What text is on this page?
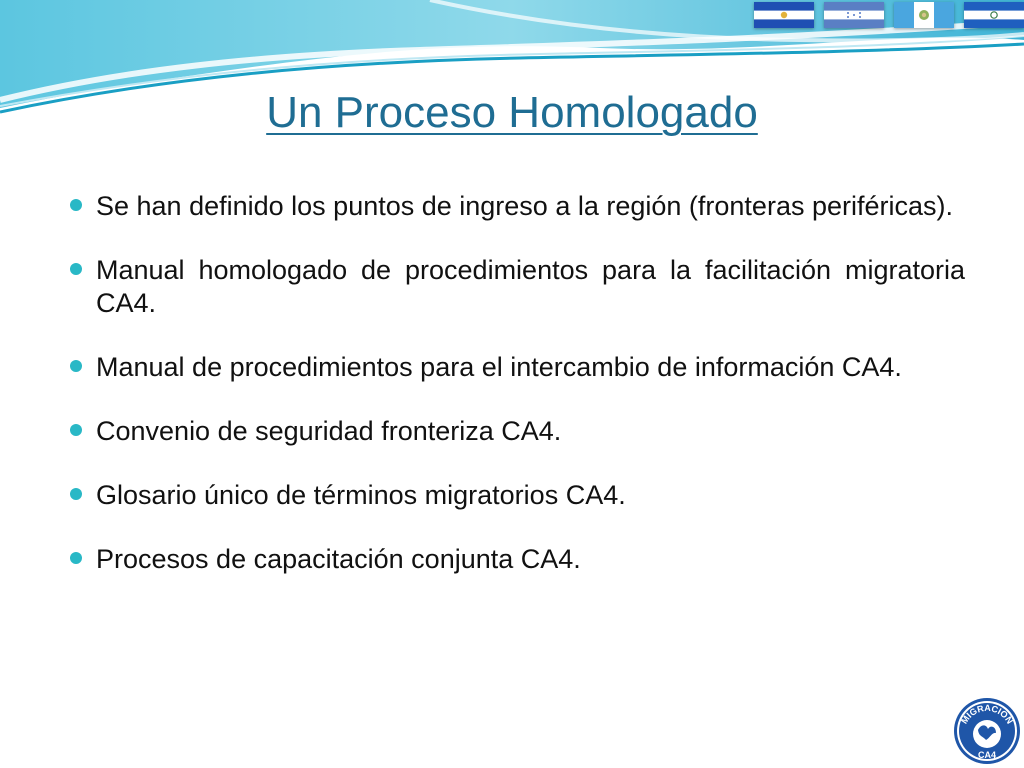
Un Proceso Homologado
Se han definido los puntos de ingreso a la región (fronteras periféricas).
Manual homologado de procedimientos para la facilitación migratoria CA4.
Manual de procedimientos para el intercambio de información CA4.
Convenio de seguridad fronteriza CA4.
Glosario único de términos migratorios CA4.
Procesos de capacitación conjunta CA4.
MIGRACION
CA4
